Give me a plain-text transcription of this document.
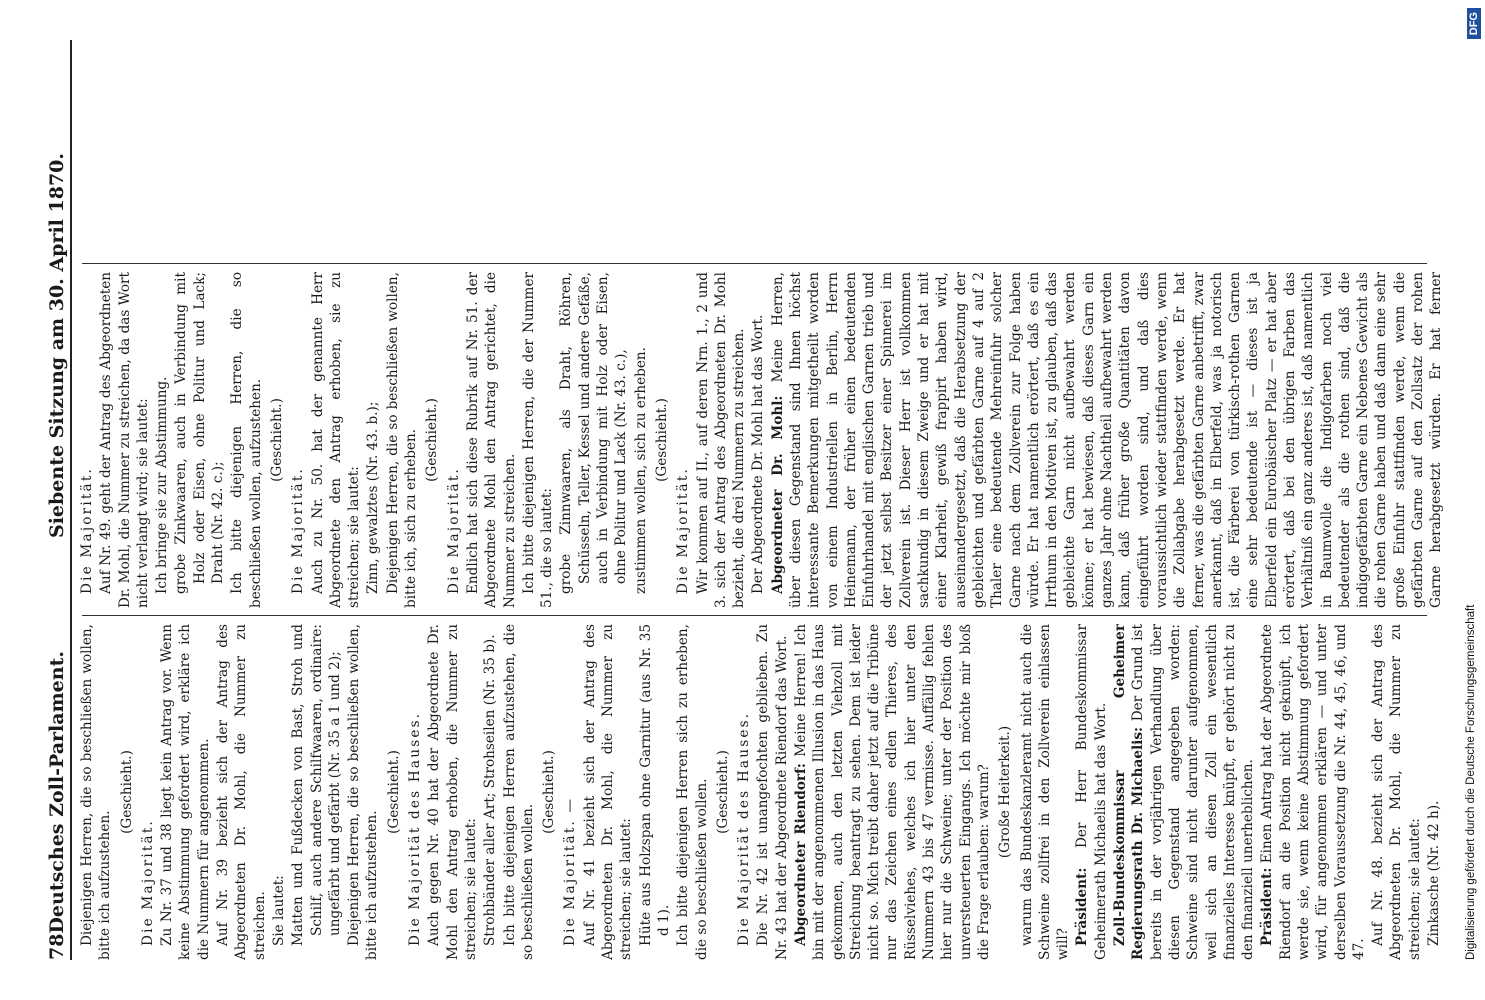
78
Deutsches Zoll-Parlament.
Siebente Sitzung am 30. April 1870.

Diejenigen Herren, die so beschließen wollen, bitte ich aufzustehen.

(Geschieht.)

Die Majorität. Zu Nr. 37 und 38 liegt kein Antrag vor. Wenn keine Abstimmung gefordert wird, erkläre ich die Nummern für angenommen. Auf Nr. 39 bezieht sich der Antrag des Abgeordneten Dr. Mohl, die Nummer zu streichen. Sie lautet: Matten und Fußdecken von Bast, Stroh und Schilf, auch andere Schilfwaaren, ordinaire: ungefärbt und gefärbt (Nr. 35 a 1 und 2); Diejenigen Herren, die so beschließen wollen, bitte ich aufzustehen.

(Geschieht.) Die Majorität des Hauses. Auch gegen Nr. 40 hat der Abgeordnete Dr. Mohl den Antrag erhoben, die Nummer zu streichen; sie lautet: Strohbänder aller Art; Strohseilen (Nr. 35 b). Ich bitte diejenigen Herren aufzustehen, die so beschließen wollen.

(Geschieht.)

Die Majorität. — Auf Nr. 41 bezieht sich der Antrag des Abgeordneten Dr. Mohl, die Nummer zu streichen; sie lautet: Hüte aus Holzspan ohne Garnitur (aus Nr. 35 d 1). Ich bitte diejenigen Herren sich zu erheben, die so beschließen wollen. (Geschieht.) Die Majorität des Hauses. Die Nr. 42 ist unangefochten geblieben. Zu Nr. 43 hat der Abgeordnete Riendorf das Wort. Abgeordneter Riendorf: Meine Herren! Ich bin mit der angenommenen Illusion in das Haus gekommen, auch den letzten Viehzoll mit Streichung beantragt zu sehen. Dem ist leider nicht so. Mich treibt daher jetzt auf die Tribüne nur das Zeichen eines edlen Thieres, des Rüsselviehes, welches ich hier unter den Nummern 43 bis 47 vermisse. Auffällig fehlen hier nur die Schweine; unter der Position des unversteuerten Eingangs. Ich möchte mir bloß die Frage erlauben: warum? (Große Heiterkeit.) warum das Bundeskanzleramt nicht auch die Schweine zollfrei in den Zollverein einlassen will? Präsident: Der Herr Bundeskommissar Geheimerath Michaelis hat das Wort. Zoll-Bundeskommissar Geheimer Regierungsrath Dr. Michaelis: Der Grund ist bereits in der vorjährigen Verhandlung über diesen Gegenstand angegeben worden: Schweine sind nicht darunter aufgenommen, weil sich an diesen Zoll ein wesentlich finanzielles Interesse knüpft, er gehört nicht zu den finanziell unerheblichen. Präsident: Einen Antrag hat der Abgeordnete Riendorf an die Position nicht geknüpft, ich werde sie, wenn keine Abstimmung gefordert wird, für angenommen erklären — und unter derselben Voraussetzung die Nr. 44, 45, 46, und 47.

Auf Nr. 48. bezieht sich der Antrag des Abgeordneten Dr. Mohl, die Nummer zu streichen; sie lautet: Zinkasche (Nr. 42 h).

Die Majorität. Auf Nr. 49. geht der Antrag des Abgeordneten Dr. Mohl, die Nummer zu streichen, da das Wort nicht verlangt wird; sie lautet: Ich bringe sie zur Abstimmung. grobe Zinkwaaren, auch in Verbindung mit Holz oder Eisen, ohne Politur und Lack; Draht (Nr. 42. c.); Ich bitte diejenigen Herren, die so beschließen wollen, aufzustehen. (Geschieht.)

Die Majorität. Auch zu Nr. 50. hat der genannte Herr Abgeordnete den Antrag erhoben, sie zu streichen; sie lautet: Zinn, gewalztes (Nr. 43. b.); Diejenigen Herren, die so beschließen wollen, bitte ich, sich zu erheben. (Geschieht.)

Die Majorität. Endlich hat sich diese Rubrik auf Nr. 51. der Abgeordnete Mohl den Antrag gerichtet, die Nummer zu streichen. Ich bitte diejenigen Herren, die der Nummer 51., die so lautet: grobe Zinnwaaren, als Draht, Röhren, Schüsseln, Teller, Kessel und andere Gefäße, auch in Verbindung mit Holz oder Eisen, ohne Politur und Lack (Nr. 43. c.), zustimmen wollen, sich zu erheben. (Geschieht.)

Die Majorität. Wir kommen auf II., auf deren Nrn. 1., 2 und 3. sich der Antrag des Abgeordneten Dr. Mohl bezieht, die drei Nummern zu streichen. Der Abgeordnete Dr. Mohl hat das Wort. Abgeordneter Dr. Mohl: Meine Herren, über diesen Gegenstand sind Ihnen höchst interessante Bemerkungen mitgetheilt worden von einem Industriellen in Berlin, Herrn Heinemann, der früher einen bedeutenden Einfuhrhandel mit englischen Garnen trieb und der jetzt selbst Besitzer einer Spinnerei im Zollverein ist. Dieser Herr ist vollkommen sachkundig in diesem Zweige und er hat mit einer Klarheit, gewiß frappirt haben wird, auseinandergesetzt, daß die Herabsetzung der gebleichten und gefärbten Garne auf 4 auf 2 Thaler eine bedeutende Mehreinfuhr solcher Garne nach dem Zollverein zur Folge haben würde. Er hat namentlich erörtert, daß es ein Irrthum in den Motiven ist, zu glauben, daß das gebleichte Garn nicht aufbewahrt werden könne; er hat bewiesen, daß dieses Garn ein ganzes Jahr ohne Nachtheil aufbewahrt werden kann, daß früher große Quantitäten davon eingeführt worden sind, und daß dies voraussichtlich wieder stattfinden werde, wenn die Zollabgabe herabgesetzt werde. Er hat ferner, was die gefärbten Garne anbetrifft, zwar anerkannt, daß in Elberfeld, was ja notorisch ist, die Färberei von türkisch-rothen Garnen eine sehr bedeutende ist — dieses ist ja Elberfeld ein Eurobäischer Platz — er hat aber erörtert, daß bei den übrigen Farben das Verhältniß ein ganz anderes ist, daß namentlich in Baumwolle die Indigofarben noch viel bedeutender als die rothen sind, daß die indigogefärbten Garne ein Nebenes Gewicht als die rohen Garne haben und daß dann eine sehr große Einfuhr stattfinden werde, wenn die gefärbten Garne auf den Zollsatz der rohen Garne herabgesetzt würden. Er hat ferner

Digitalisierung gefördert durch die Deutsche Forschungsgemeinschaft
DFG
